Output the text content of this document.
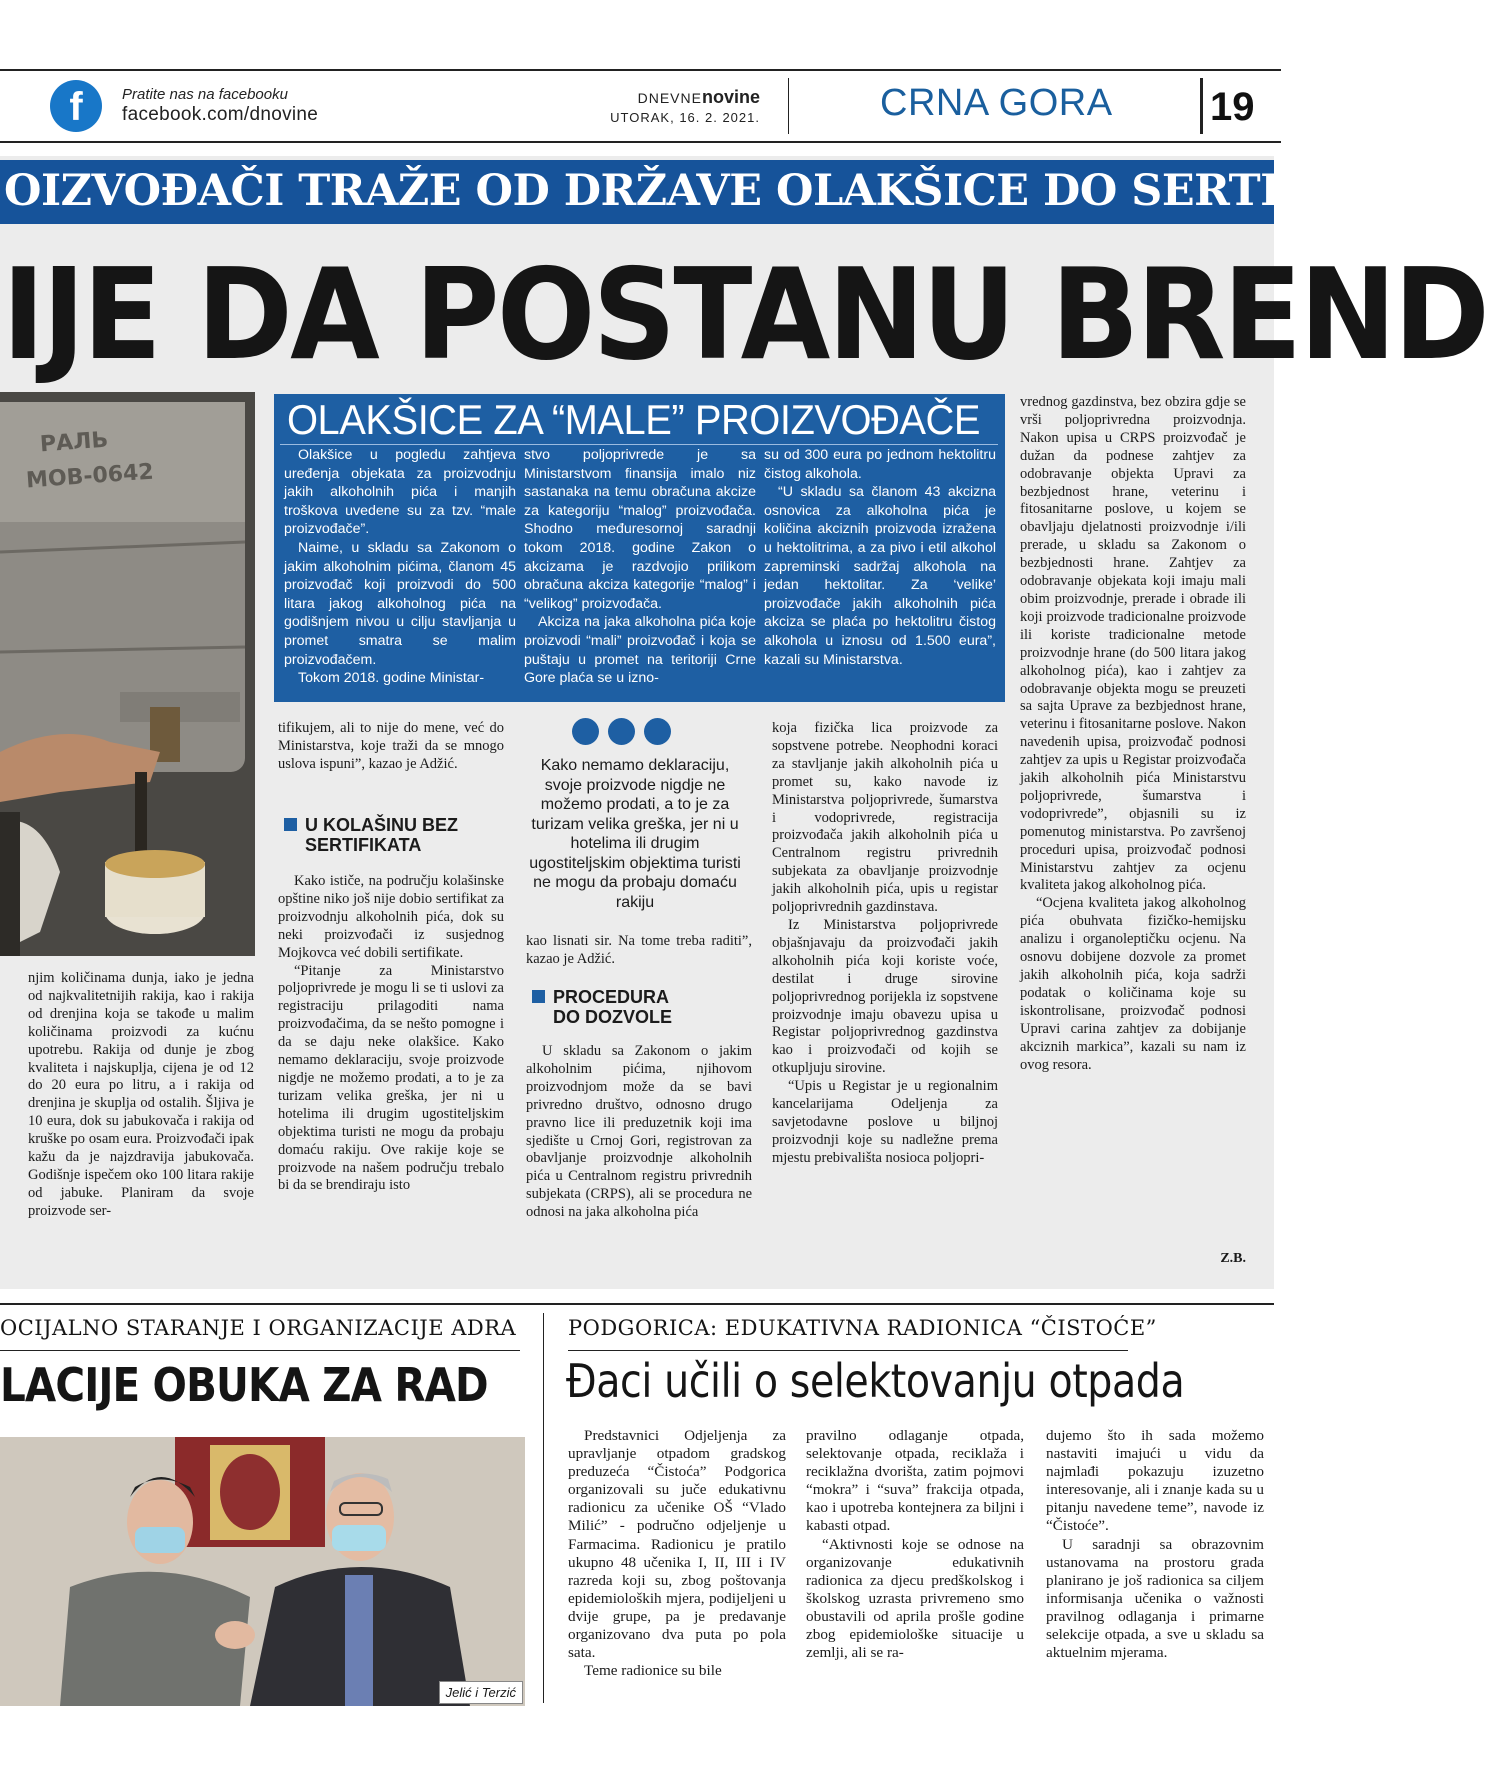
f	Pratite nas na facebooku
facebook.com/dnovine
DNEVNEnovine
UTORAK, 16. 2. 2021.	CRNA GORA 19
OIZVOĐAČI TRAŽE OD DRŽAVE OLAKŠICE DO SERTIFIKATA
IJE DA POSTANU BREND
РАЛЬ
МОВ-0642
OLAKŠICE ZA “MALE” PROIZVOĐAČE

Olakšice u pogledu zahtjeva uređenja objekata za proizvodnju jakih alkoholnih pića i manjih troškova uvedene su za tzv. “male proizvođače”.

Naime, u skladu sa Zakonom o jakim alkoholnim pićima, članom 45 proizvođač koji proizvodi do 500 litara jakog alkoholnog pića na godišnjem nivou u cilju stavljanja u promet smatra se malim proizvođačem.

Tokom 2018. godine Ministar-

stvo poljoprivrede je sa Ministarstvom finansija imalo niz sastanaka na temu obračuna akcize za kategoriju “malog” proizvođača. Shodno međuresornoj saradnji tokom 2018. godine Zakon o akcizama je razdvojio prilikom obračuna akciza kategorije “malog” i “velikog” proizvođača.

Akciza na jaka alkoholna pića koje proizvodi “mali” proizvođač i koja se puštaju u promet na teritoriji Crne Gore plaća se u izno-

su od 300 eura po jednom hektolitru čistog alkohola.

“U skladu sa članom 43 akcizna osnovica za alkoholna pića je količina akciznih proizvoda izražena u hektolitrima, a za pivo i etil alkohol zapreminski sadržaj alkohola na jedan hektolitar. Za ‘velike’ proizvođače jakih alkoholnih pića akciza se plaća po hektolitru čistog alkohola u iznosu od 1.500 eura”, kazali su Ministarstva.

njim količinama dunja, iako je jedna od najkvalitetnijih rakija, kao i rakija od drenjina koja se takođe u malim količinama proizvodi za kućnu upotrebu. Rakija od dunje je zbog kvaliteta i najskuplja, cijena je od 12 do 20 eura po litru, a i rakija od drenjina je skuplja od ostalih. Šljiva je 10 eura, dok su jabukovača i rakija od kruške po osam eura. Proizvođači ipak kažu da je najzdravija jabukovača. Godišnje ispečem oko 100 litara rakije od jabuke. Planiram da svoje proizvode ser-

tifikujem, ali to nije do mene, već do Ministarstva, koje traži da se mnogo uslova ispuni”, kazao je Adžić.

U KOLAŠINU BEZ
SERTIFIKATA

Kako ističe, na području kolašinske opštine niko još nije dobio sertifikat za proizvodnju alkoholnih pića, dok su neki proizvođači iz susjednog Mojkovca već dobili sertifikate.

“Pitanje za Ministarstvo poljoprivrede je mogu li se ti uslovi za registraciju prilagoditi nama proizvođačima, da se nešto pomogne i da se daju neke olakšice. Kako nemamo deklaraciju, svoje proizvode nigdje ne možemo prodati, a to je za turizam velika greška, jer ni u hotelima ili drugim ugostiteljskim objektima turisti ne mogu da probaju domaću rakiju. Ove rakije koje se proizvode na našem području trebalo bi da se brendiraju isto

Kako nemamo deklaraciju, svoje proizvode nigdje ne možemo prodati, a to je za turizam velika greška, jer ni u hotelima ili drugim ugostiteljskim objektima turisti ne mogu da probaju domaću rakiju

kao lisnati sir. Na tome treba raditi”, kazao je Adžić.

PROCEDURA
DO DOZVOLE

U skladu sa Zakonom o jakim alkoholnim pićima, njihovom proizvodnjom može da se bavi privredno društvo, odnosno drugo pravno lice ili preduzetnik koji ima sjedište u Crnoj Gori, registrovan za obavljanje proizvodnje alkoholnih pića u Centralnom registru privrednih subjekata (CRPS), ali se procedura ne odnosi na jaka alkoholna pića

koja fizička lica proizvode za sopstvene potrebe. Neophodni koraci za stavljanje jakih alkoholnih pića u promet su, kako navode iz Ministarstva poljoprivrede, šumarstva i vodoprivrede, registracija proizvođača jakih alkoholnih pića u Centralnom registru privrednih subjekata za obavljanje proizvodnje jakih alkoholnih pića, upis u registar poljoprivrednih gazdinstava.

Iz Ministarstva poljoprivrede objašnjavaju da proizvođači jakih alkoholnih pića koji koriste voće, destilat i druge sirovine poljoprivrednog porijekla iz sopstvene proizvodnje imaju obavezu upisa u Registar poljoprivrednog gazdinstva kao i proizvođači od kojih se otkupljuju sirovine.

“Upis u Registar je u regionalnim kancelarijama Odeljenja za savjetodavne poslove u biljnoj proizvodnji koje su nadležne prema mjestu prebivališta nosioca poljopri-

vrednog gazdinstva, bez obzira gdje se vrši poljoprivredna proizvodnja. Nakon upisa u CRPS proizvođač je dužan da podnese zahtjev za odobravanje objekta Upravi za bezbjednost hrane, veterinu i fitosanitarne poslove, u kojem se obavljaju djelatnosti proizvodnje i/ili prerade, u skladu sa Zakonom o bezbjednosti hrane. Zahtjev za odobravanje objekata koji imaju mali obim proizvodnje, prerade i obrade ili koji proizvode tradicionalne proizvode ili koriste tradicionalne metode proizvodnje hrane (do 500 litara jakog alkoholnog pića), kao i zahtjev za odobravanje objekta mogu se preuzeti sa sajta Uprave za bezbjednost hrane, veterinu i fitosanitarne poslove. Nakon navedenih upisa, proizvođač podnosi zahtjev za upis u Registar proizvođača jakih alkoholnih pića Ministarstvu poljoprivrede, šumarstva i vodoprivrede”, objasnili su iz pomenutog ministarstva. Po završenoj proceduri upisa, proizvođač podnosi Ministarstvu zahtjev za ocjenu kvaliteta jakog alkoholnog pića.

“Ocjena kvaliteta jakog alkoholnog pića obuhvata fizičko-hemijsku analizu i organoleptičku ocjenu. Na osnovu dobijene dozvole za promet jakih alkoholnih pića, koja sadrži podatak o količinama koje su iskontrolisane, proizvođač podnosi Upravi carina zahtjev za dobijanje akciznih markica”, kazali su nam iz ovog resora.

Z.B.
OCIJALNO STARANJE I ORGANIZACIJE ADRA
LACIJE OBUKA ZA RAD
Jelić i Terzić
PODGORICA: EDUKATIVNA RADIONICA “ČISTOĆE”
Đaci učili o selektovanju otpada

Predstavnici Odjeljenja za upravljanje otpadom gradskog preduzeća “Čistoća” Podgorica organizovali su juče edukativnu radionicu za učenike OŠ “Vlado Milić” - područno odjeljenje u Farmacima. Radionicu je pratilo ukupno 48 učenika I, II, III i IV razreda koji su, zbog poštovanja epidemioloških mjera, podijeljeni u dvije grupe, pa je predavanje organizovano dva puta po pola sata.

Teme radionice su bile

pravilno odlaganje otpada, selektovanje otpada, reciklaža i reciklažna dvorišta, zatim pojmovi “mokra” i “suva” frakcija otpada, kao i upotreba kontejnera za biljni i kabasti otpad.

“Aktivnosti koje se odnose na organizovanje edukativnih radionica za djecu predškolskog i školskog uzrasta privremeno smo obustavili od aprila prošle godine zbog epidemiološke situacije u zemlji, ali se ra-

dujemo što ih sada možemo nastaviti imajući u vidu da najmlađi pokazuju izuzetno interesovanje, ali i znanje kada su u pitanju navedene teme”, navode iz “Čistoće”.

U saradnji sa obrazovnim ustanovama na prostoru grada planirano je još radionica sa ciljem informisanja učenika o važnosti pravilnog odlaganja i primarne selekcije otpada, a sve u skladu sa aktuelnim mjerama.
